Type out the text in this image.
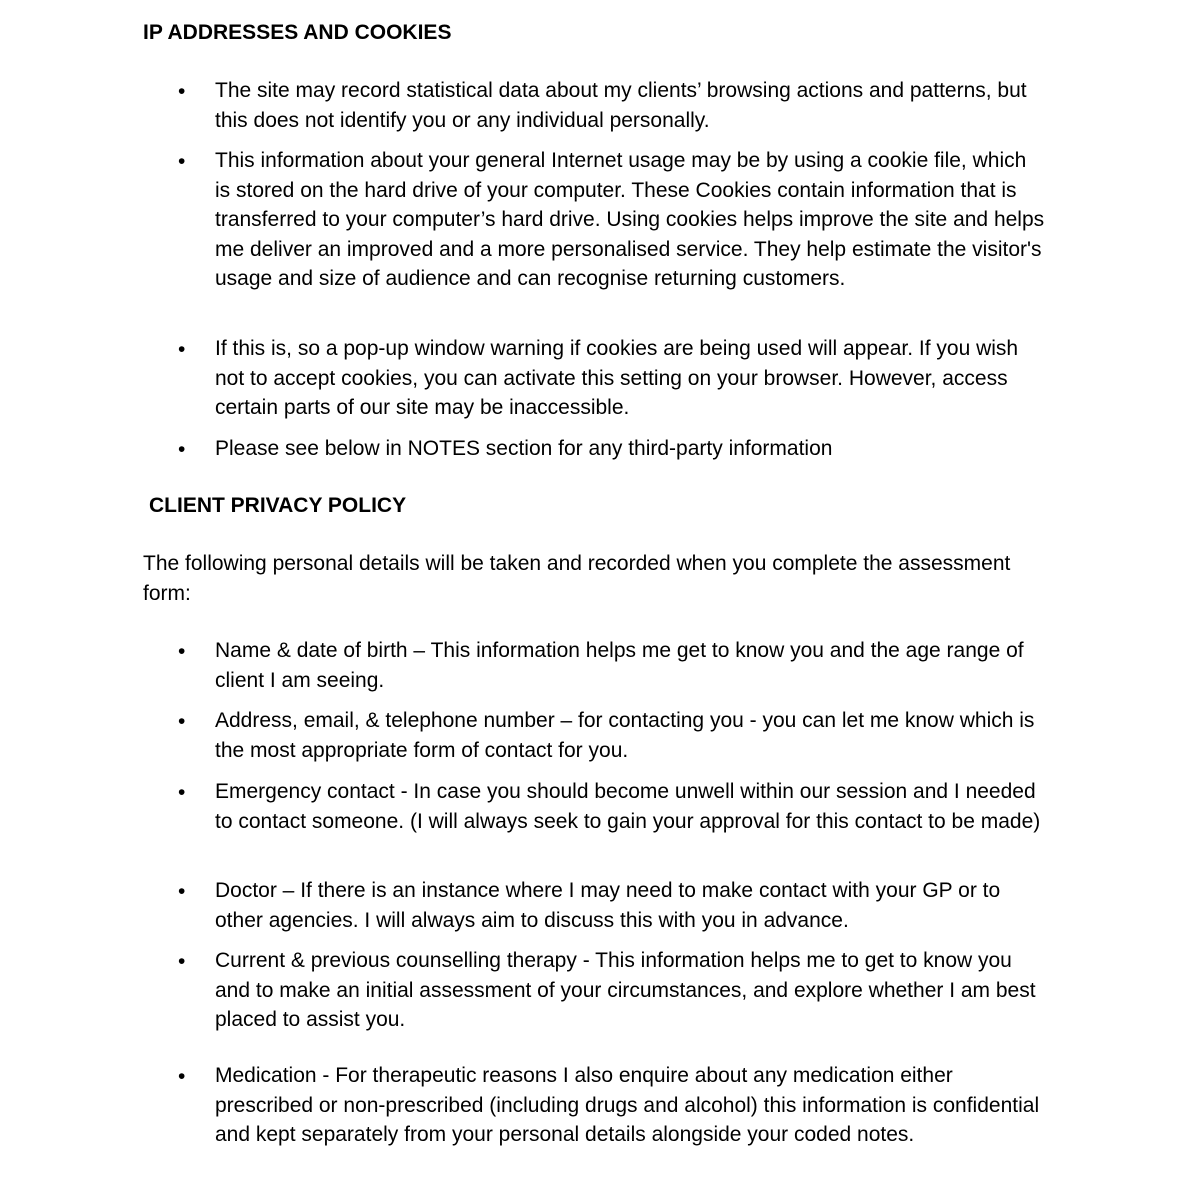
IP ADDRESSES AND COOKIES
•	The site may record statistical data about my clients’ browsing actions and patterns, but this does not identify you or any individual personally.

•	This information about your general Internet usage may be by using a cookie file, which is stored on the hard drive of your computer. These Cookies contain information that is transferred to your computer’s hard drive. Using cookies helps improve the site and helps me deliver an improved and a more personalised service. They help estimate the visitor's usage and size of audience and can recognise returning customers.

•	If this is, so a pop-up window warning if cookies are being used will appear. If you wish not to accept cookies, you can activate this setting on your browser. However, access certain parts of our site may be inaccessible.

•	Please see below in NOTES section for any third-party information

CLIENT PRIVACY POLICY

The following personal details will be taken and recorded when you complete the assessment form:

•	Name & date of birth – This information helps me get to know you and the age range of client I am seeing.

•	Address, email, & telephone number – for contacting you - you can let me know which is the most appropriate form of contact for you.

•	Emergency contact - In case you should become unwell within our session and I needed to contact someone. (I will always seek to gain your approval for this contact to be made)

•	Doctor – If there is an instance where I may need to make contact with your GP or to other agencies. I will always aim to discuss this with you in advance.

•	Current & previous counselling therapy - This information helps me to get to know you and to make an initial assessment of your circumstances, and explore whether I am best placed to assist you.

•	Medication - For therapeutic reasons I also enquire about any medication either prescribed or non-prescribed (including drugs and alcohol) this information is confidential and kept separately from your personal details alongside your coded notes.
